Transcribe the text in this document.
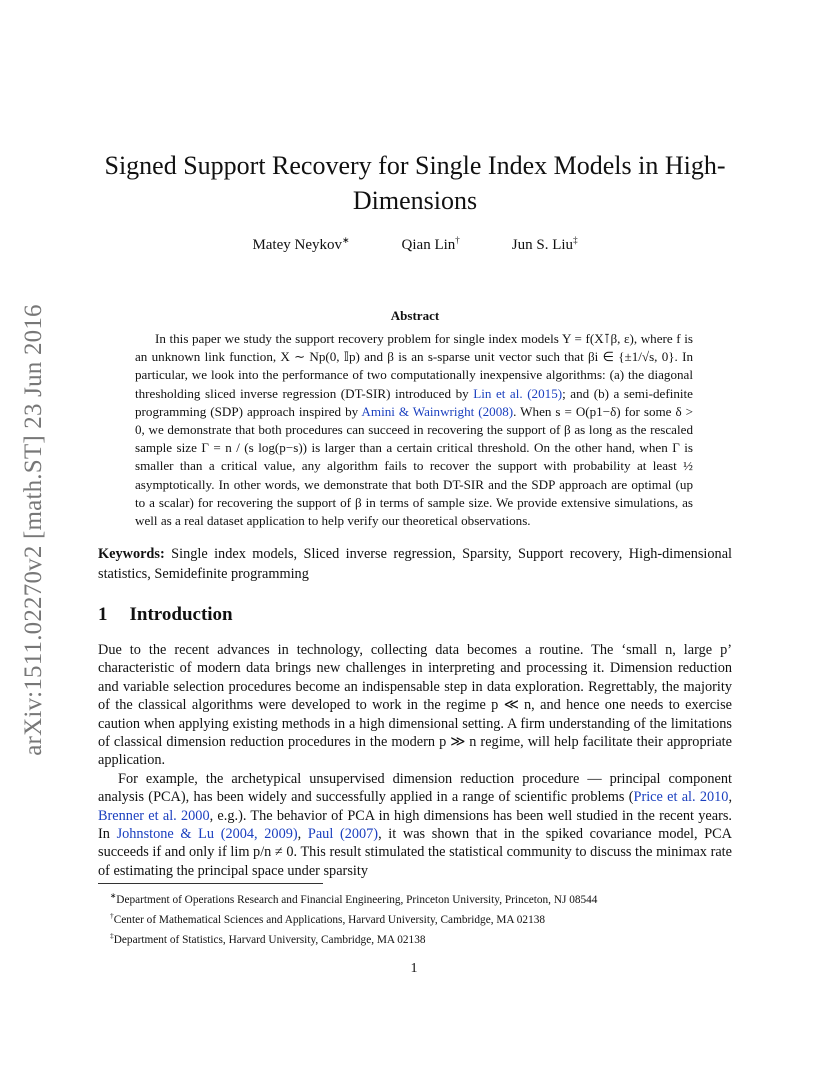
arXiv:1511.02270v2 [math.ST] 23 Jun 2016
Signed Support Recovery for Single Index Models in High-Dimensions
Matey Neykov∗	Qian Lin†	Jun S. Liu‡
Abstract

In this paper we study the support recovery problem for single index models Y = f(X⊺β, ε), where f is an unknown link function, X ∼ Np(0, 𝕀p) and β is an s-sparse unit vector such that βi ∈ {±1/√s, 0}. In particular, we look into the performance of two computationally inexpensive algorithms: (a) the diagonal thresholding sliced inverse regression (DT-SIR) introduced by Lin et al. (2015); and (b) a semi-definite programming (SDP) approach inspired by Amini & Wainwright (2008). When s = O(p1−δ) for some δ > 0, we demonstrate that both procedures can succeed in recovering the support of β as long as the rescaled sample size Γ = n / (s log(p−s)) is larger than a certain critical threshold. On the other hand, when Γ is smaller than a critical value, any algorithm fails to recover the support with probability at least ½ asymptotically. In other words, we demonstrate that both DT-SIR and the SDP approach are optimal (up to a scalar) for recovering the support of β in terms of sample size. We provide extensive simulations, as well as a real dataset application to help verify our theoretical observations.

Keywords: Single index models, Sliced inverse regression, Sparsity, Support recovery, High-dimensional statistics, Semidefinite programming
1 Introduction

Due to the recent advances in technology, collecting data becomes a routine. The ‘small n, large p’ characteristic of modern data brings new challenges in interpreting and processing it. Dimension reduction and variable selection procedures become an indispensable step in data exploration. Regrettably, the majority of the classical algorithms were developed to work in the regime p ≪ n, and hence one needs to exercise caution when applying existing methods in a high dimensional setting. A firm understanding of the limitations of classical dimension reduction procedures in the modern p ≫ n regime, will help facilitate their appropriate application.

For example, the archetypical unsupervised dimension reduction procedure — principal component analysis (PCA), has been widely and successfully applied in a range of scientific problems (Price et al. 2010, Brenner et al. 2000, e.g.). The behavior of PCA in high dimensions has been well studied in the recent years. In Johnstone & Lu (2004, 2009), Paul (2007), it was shown that in the spiked covariance model, PCA succeeds if and only if lim p/n ≠ 0. This result stimulated the statistical community to discuss the minimax rate of estimating the principal space under sparsity

∗Department of Operations Research and Financial Engineering, Princeton University, Princeton, NJ 08544
†Center of Mathematical Sciences and Applications, Harvard University, Cambridge, MA 02138
‡Department of Statistics, Harvard University, Cambridge, MA 02138
1
